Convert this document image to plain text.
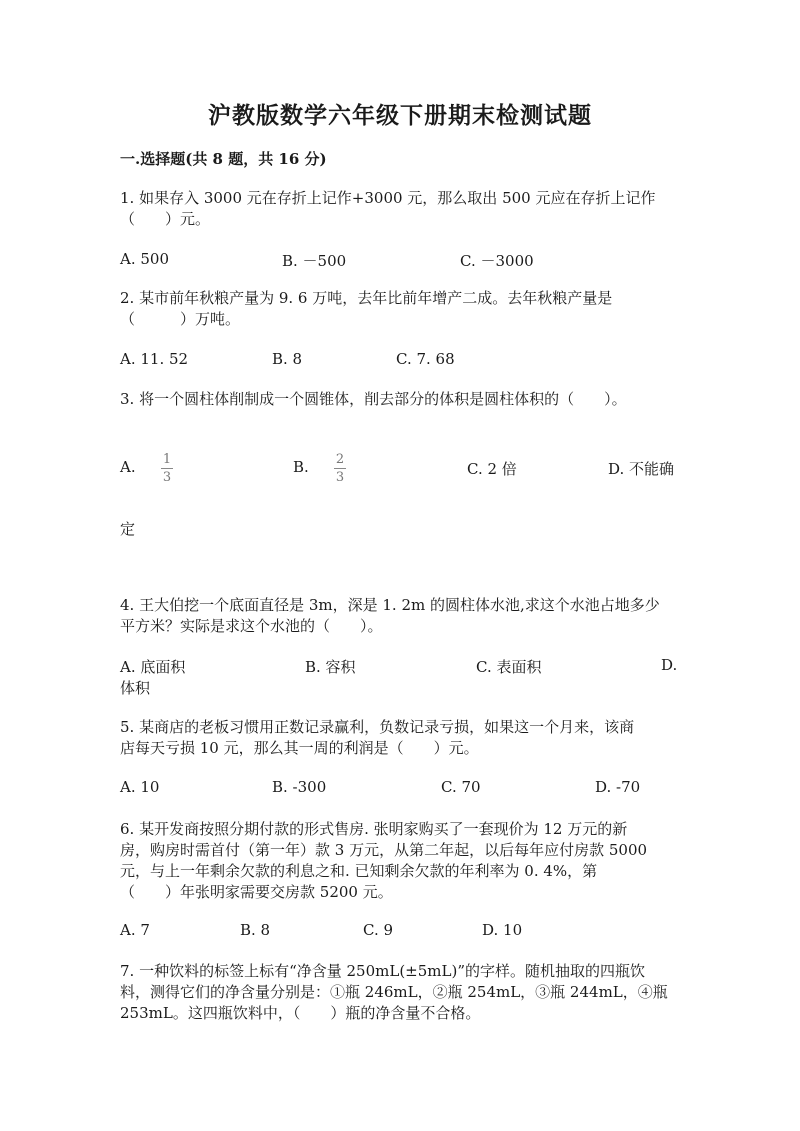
沪教版数学六年级下册期末检测试题
一.选择题(共 8 题，共 16 分)
1. 如果存入 3000 元在存折上记作+3000 元，那么取出 500 元应在存折上记作
（　　）元。
A. 500	B. －500	C. －3000
2. 某市前年秋粮产量为 9. 6 万吨，去年比前年增产二成。去年秋粮产量是
（　　　）万吨。
A. 11. 52	B. 8	C. 7. 68
3. 将一个圆柱体削制成一个圆锥体，削去部分的体积是圆柱体积的（　　）。
A. 1
3
B. 2
3	C. 2 倍	D. 不能确
定
4. 王大伯挖一个底面直径是 3m，深是 1. 2m 的圆柱体水池,求这个水池占地多少
平方米？实际是求这个水池的（　　）。
A. 底面积	B. 容积	C. 表面积	D.
体积
5. 某商店的老板习惯用正数记录赢利，负数记录亏损，如果这一个月来，该商
店每天亏损 10 元，那么其一周的利润是（　　）元。
A. 10	B. -300	C. 70	D. -70
6. 某开发商按照分期付款的形式售房. 张明家购买了一套现价为 12 万元的新
房，购房时需首付（第一年）款 3 万元，从第二年起，以后每年应付房款 5000
元，与上一年剩余欠款的利息之和. 已知剩余欠款的年利率为 0. 4%，第
（　　）年张明家需要交房款 5200 元。
A. 7	B. 8	C. 9	D. 10
7. 一种饮料的标签上标有“净含量 250mL(±5mL)”的字样。随机抽取的四瓶饮
料，测得它们的净含量分别是：①瓶 246mL，②瓶 254mL，③瓶 244mL，④瓶
253mL。这四瓶饮料中，（　　）瓶的净含量不合格。
